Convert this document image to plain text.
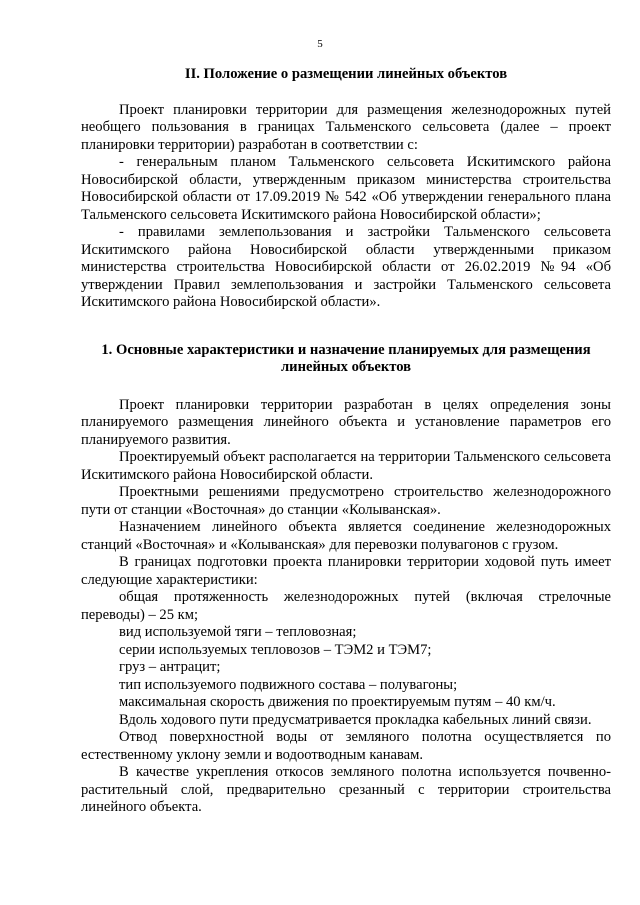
5

II. Положение о размещении линейных объектов

Проект планировки территории для размещения железнодорожных путей необщего пользования в границах Тальменского сельсовета (далее – проект планировки территории) разработан в соответствии с:

- генеральным планом Тальменского сельсовета Искитимского района Новосибирской области, утвержденным приказом министерства строительства Новосибирской области от 17.09.2019 № 542 «Об утверждении генерального плана Тальменского сельсовета Искитимского района Новосибирской области»;

- правилами землепользования и застройки Тальменского сельсовета Искитимского района Новосибирской области утвержденными приказом министерства строительства Новосибирской области от 26.02.2019 №94 «Об утверждении Правил землепользования и застройки Тальменского сельсовета Искитимского района Новосибирской области».

1. Основные характеристики и назначение планируемых для размещения линейных объектов

Проект планировки территории разработан в целях определения зоны планируемого размещения линейного объекта и установление параметров его планируемого развития.

Проектируемый объект располагается на территории Тальменского сельсовета Искитимского района Новосибирской области.

Проектными решениями предусмотрено строительство железнодорожного пути от станции «Восточная» до станции «Колыванская».

Назначением линейного объекта является соединение железнодорожных станций «Восточная» и «Колыванская» для перевозки полувагонов с грузом.

В границах подготовки проекта планировки территории ходовой путь имеет следующие характеристики:

общая протяженность железнодорожных путей (включая стрелочные переводы) – 25 км;

вид используемой тяги – тепловозная;

серии используемых тепловозов – ТЭМ2 и ТЭМ7;

груз – антрацит;

тип используемого подвижного состава – полувагоны;

максимальная скорость движения по проектируемым путям – 40 км/ч.

Вдоль ходового пути предусматривается прокладка кабельных линий связи.

Отвод поверхностной воды от земляного полотна осуществляется по естественному уклону земли и водоотводным канавам.

В качестве укрепления откосов земляного полотна используется почвенно-растительный слой, предварительно срезанный с территории строительства линейного объекта.
